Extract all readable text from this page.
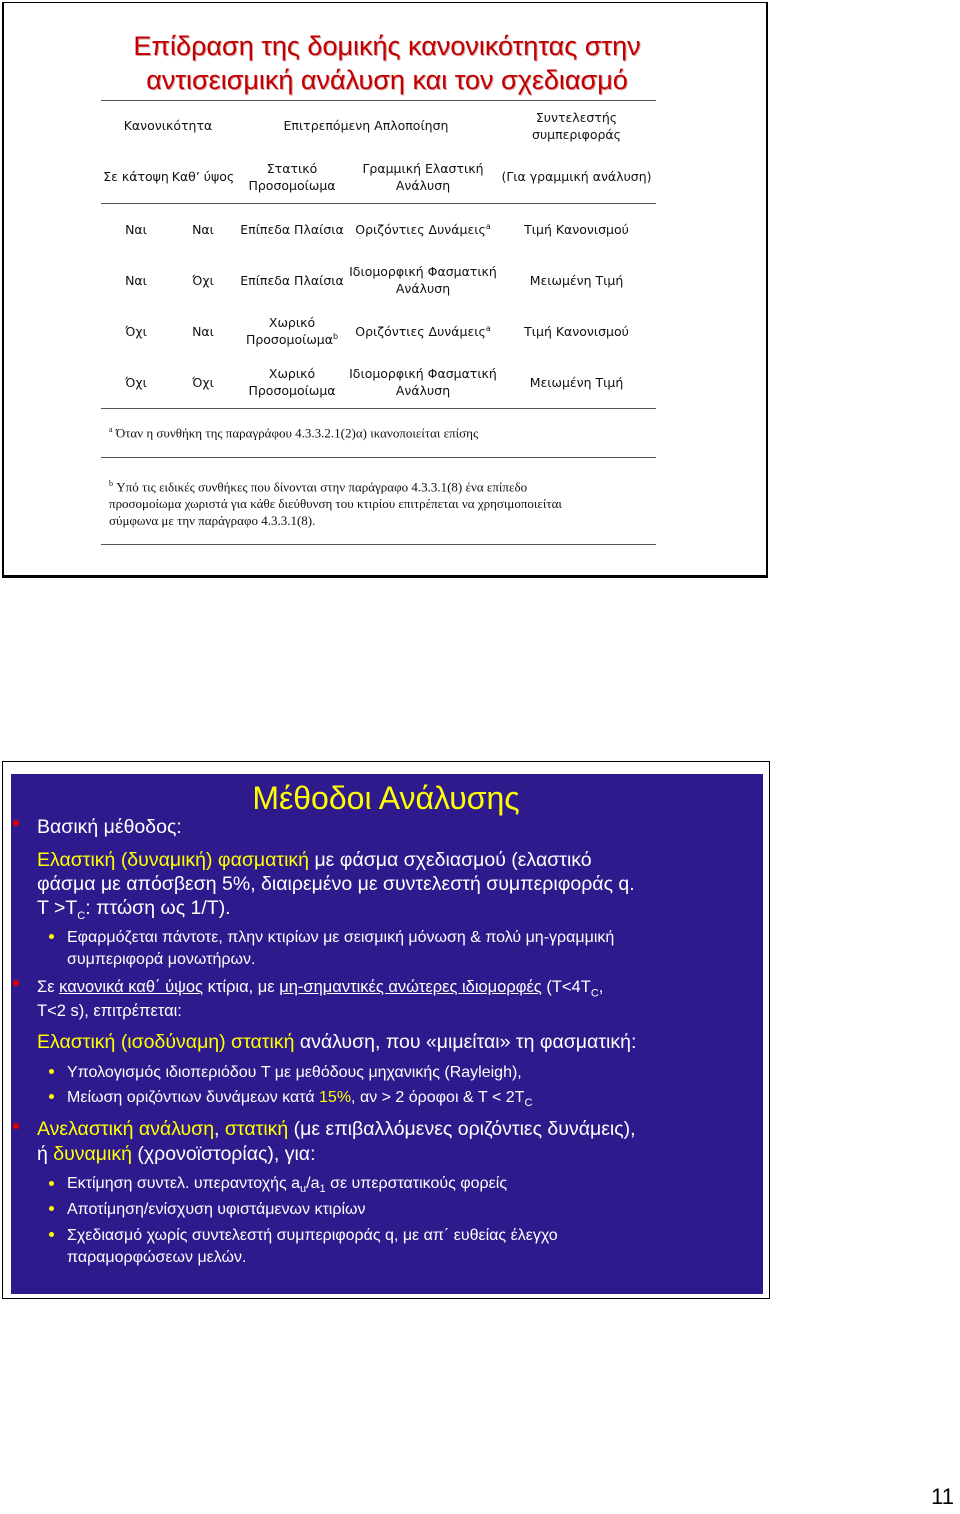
Επίδραση της δομικής κανονικότητας στην
αντισεισμική ανάλυση και τον σχεδιασμό
Κανονικότητα		Επιτρεπόμενη Απλοποίηση		Συντελεστής συμπεριφοράς
Σε κάτοψη	Καθ’ ύψος	Στατικό Προσομοίωμα	Γραμμική Ελαστική Ανάλυση	(Για γραμμική ανάλυση)
Ναι	Ναι	Επίπεδα Πλαίσια	Οριζόντιες Δυνάμεις$^a$	Τιμή Κανονισμού
Ναι	Όχι	Επίπεδα Πλαίσια	Ιδιομορφική Φασματική Ανάλυση	Μειωμένη Τιμή
Όχι	Ναι	Χωρικό Προσομοίωμα$^b$	Οριζόντιες Δυνάμεις$^a$	Τιμή Κανονισμού
Όχι	Όχι	Χωρικό Προσομοίωμα	Ιδιομορφική Φασματική Ανάλυση	Μειωμένη Τιμή
$^a$ Όταν η συνθήκη της παραγράφου 4.3.3.2.1(2)α) ικανοποιείται επίσης
$^b$ Υπό τις ειδικές συνθήκες που δίνονται στην παράγραφο 4.3.3.1(8) ένα επίπεδο
προσομοίωμα χωριστά για κάθε διεύθυνση του κτιρίου επιτρέπεται να χρησιμοποιείται
σύμφωνα με την παράγραφο 4.3.3.1(8).
Μέθοδοι Ανάλυσης
Βασική μέθοδος:
Ελαστική (δυναμική) φασματική με φάσμα σχεδιασμού (ελαστικό
φάσμα με απόσβεση 5%, διαιρεμένο με συντελεστή συμπεριφοράς q.
$T >T_C$: πτώση ως 1/T).
Εφαρμόζεται πάντοτε, πλην κτιρίων με σεισμική μόνωση & πολύ μη-γραμμική
συμπεριφορά μονωτήρων.
Σε κανονικά καθ΄ ύψος κτίρια, με μη-σημαντικές ανώτερες ιδιομορφές ($T<4T_C$,
T<2 s), επιτρέπεται:
Ελαστική (ισοδύναμη) στατική ανάλυση, που «μιμείται» τη φασματική:
Υπολογισμός ιδιοπεριόδου T με μεθόδους μηχανικής (Rayleigh),
Μείωση οριζόντιων δυνάμεων κατά 15%, αν > 2 όροφοι & $T < 2T_C$
Ανελαστική ανάλυση, στατική (με επιβαλλόμενες οριζόντιες δυνάμεις),
ή δυναμική (χρονοϊστορίας), για:
Εκτίμηση συντελ. υπεραντοχής $a_u/a_1$ σε υπερστατικούς φορείς
Αποτίμηση/ενίσχυση υφιστάμενων κτιρίων
Σχεδιασμό χωρίς συντελεστή συμπεριφοράς q, με απ΄ ευθείας έλεγχο
παραμορφώσεων μελών.
11
